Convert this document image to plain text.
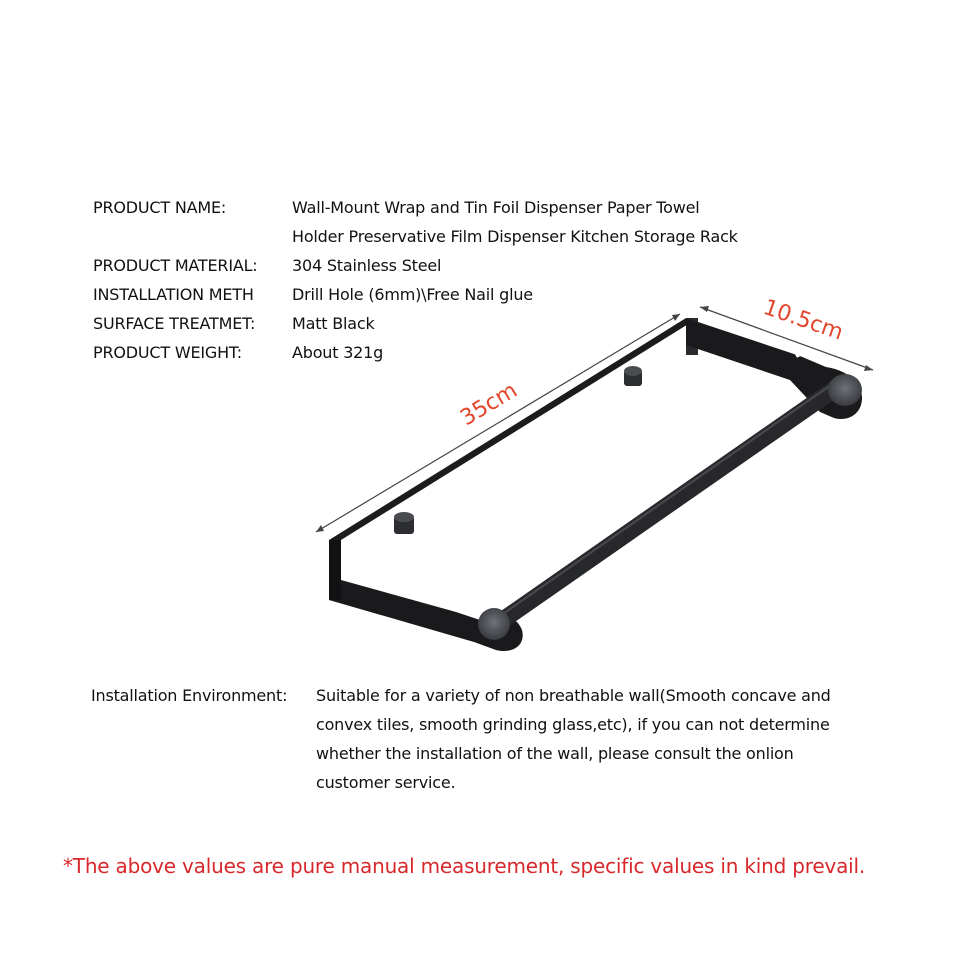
PRODUCT NAME:	Wall-Mount Wrap and Tin Foil Dispenser Paper Towel
Holder Preservative Film Dispenser Kitchen Storage Rack
PRODUCT MATERIAL: 304 Stainless Steel
INSTALLATION METH Drill Hole (6mm)\Free Nail glue
SURFACE TREATMET: Matt Black
PRODUCT WEIGHT:	About 321g
35cm
10.5cm
Installation Environment: Suitable for a variety of non breathable wall(Smooth concave and
convex tiles, smooth grinding glass,etc), if you can not determine
whether the installation of the wall, please consult the onlion
customer service.
*The above values are pure manual measurement, specific values in kind prevail.
